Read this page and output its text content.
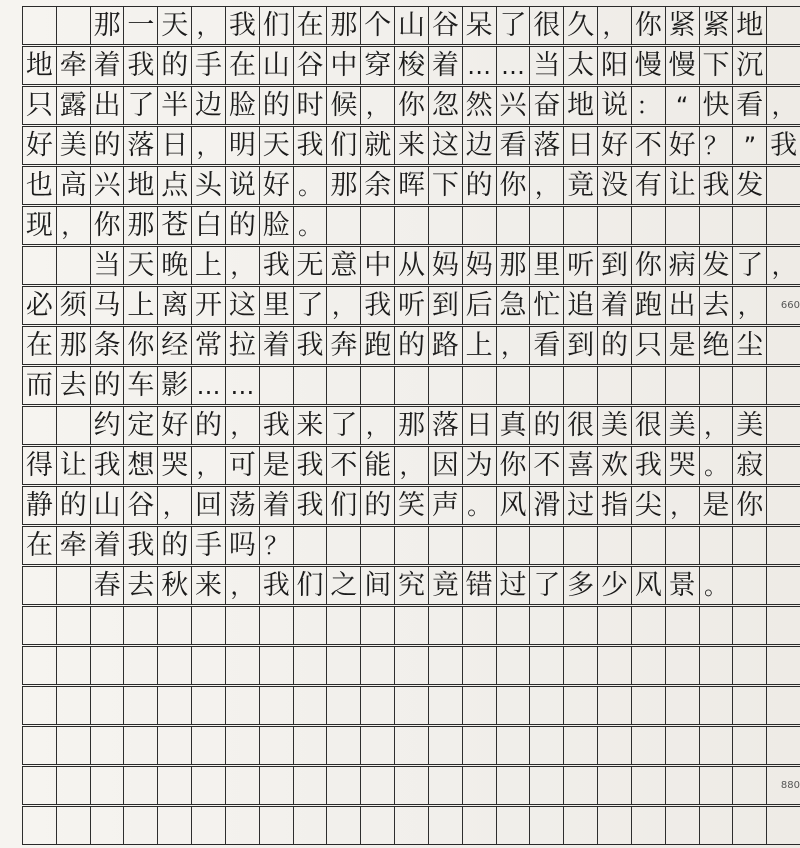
那 一 天 ， 我 们 在 那 个 山 谷 呆 了 很 久 ， 你 紧 紧 地
地 牵 着 我 的 手 在 山 谷 中 穿 梭 着 … … 当 太 阳 慢 慢 下 沉
只 露 出 了 半 边 脸 的 时 候 ， 你 忽 然 兴 奋 地 说 ： “ 快 看 ，
好 美 的 落 日 ， 明 天 我 们 就 来 这 边 看 落 日 好 不 好 ？ ” 我
也 高 兴 地 点 头 说 好 。 那 余 晖 下 的 你 ， 竟 没 有 让 我 发
现 ， 你 那 苍 白 的 脸 。
当 天 晚 上 ， 我 无 意 中 从 妈 妈 那 里 听 到 你 病 发 了 ，
必 须 马 上 离 开 这 里 了 ， 我 听 到 后 急 忙 追 着 跑 出 去 ，
在 那 条 你 经 常 拉 着 我 奔 跑 的 路 上 ， 看 到 的 只 是 绝 尘
而 去 的 车 影 … …
约 定 好 的 ， 我 来 了 ， 那 落 日 真 的 很 美 很 美 ， 美
得 让 我 想 哭 ， 可 是 我 不 能 ， 因 为 你 不 喜 欢 我 哭 。 寂
静 的 山 谷 ， 回 荡 着 我 们 的 笑 声 。 风 滑 过 指 尖 ， 是 你
在 牵 着 我 的 手 吗 ？
春 去 秋 来 ， 我 们 之 间 究 竟 错 过 了 多 少 风 景 。
660
880
